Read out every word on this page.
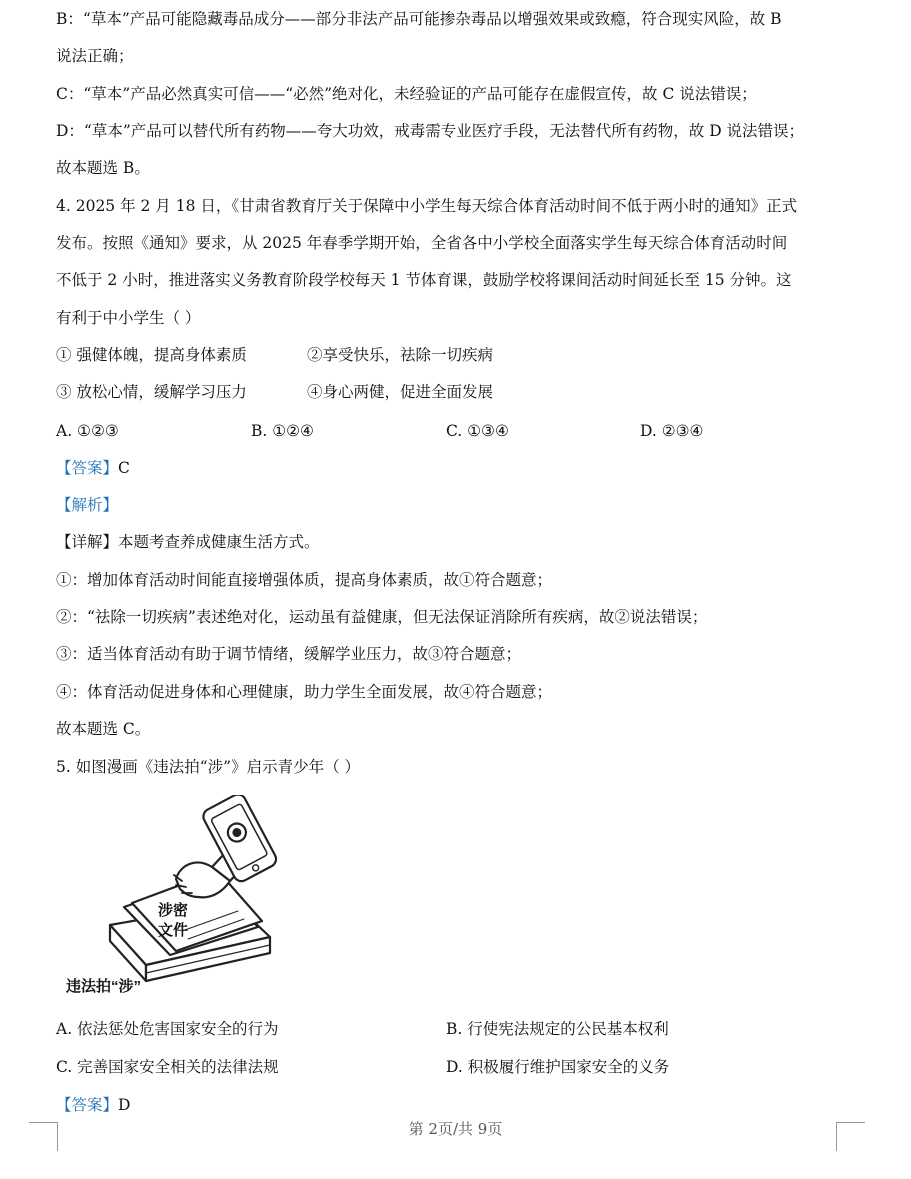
B：“草本”产品可能隐藏毒品成分——部分非法产品可能掺杂毒品以增强效果或致瘾，符合现实风险，故 B
说法正确；
C：“草本”产品必然真实可信——“必然”绝对化，未经验证的产品可能存在虚假宣传，故 C 说法错误；
D：“草本”产品可以替代所有药物——夸大功效，戒毒需专业医疗手段，无法替代所有药物，故 D 说法错误；
故本题选 B。
4. 2025 年 2 月 18 日，《甘肃省教育厅关于保障中小学生每天综合体育活动时间不低于两小时的通知》正式
发布。按照《通知》要求，从 2025 年春季学期开始，全省各中小学校全面落实学生每天综合体育活动时间
不低于 2 小时，推进落实义务教育阶段学校每天 1 节体育课，鼓励学校将课间活动时间延长至 15 分钟。这
有利于中小学生（ ）
① 强健体魄，提高身体素质	②享受快乐，祛除一切疾病
③ 放松心情，缓解学习压力	④身心两健，促进全面发展
A. ①②③	B. ①②④	C. ①③④	D. ②③④
【答案】C
【解析】
【详解】本题考查养成健康生活方式。
①：增加体育活动时间能直接增强体质，提高身体素质，故①符合题意；
②：“祛除一切疾病”表述绝对化，运动虽有益健康，但无法保证消除所有疾病，故②说法错误；
③：适当体育活动有助于调节情绪，缓解学业压力，故③符合题意；
④：体育活动促进身体和心理健康，助力学生全面发展，故④符合题意；
故本题选 C。
5. 如图漫画《违法拍“涉”》启示青少年（ ）
涉密
文件
违法拍“涉”
A. 依法惩处危害国家安全的行为	B. 行使宪法规定的公民基本权利
C. 完善国家安全相关的法律法规	D. 积极履行维护国家安全的义务
【答案】D
第 2页/共 9页
